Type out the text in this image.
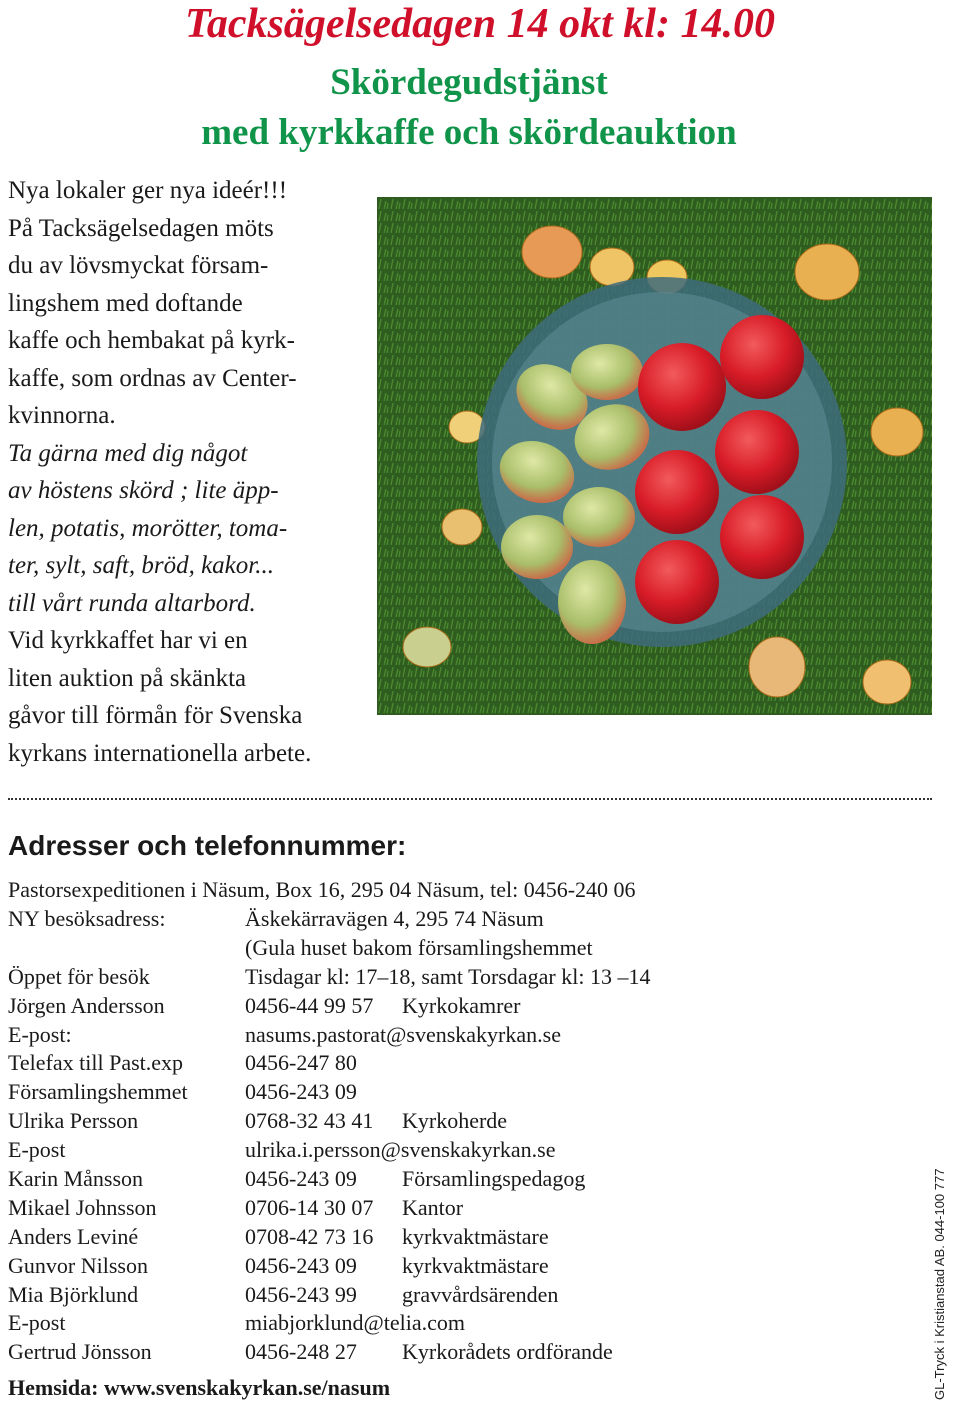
Tacksägelsedagen 14 okt kl: 14.00
Skördegudstjänst
med kyrkkaffe och skördeauktion

Nya lokaler ger nya ideér!!!
På Tacksägelsedagen möts
du av lövsmyckat försam-
lingshem med doftande
kaffe och hembakat på kyrk-
kaffe, som ordnas av Center-
kvinnorna.

Ta gärna med dig något
av höstens skörd ; lite äpp-
len, potatis, morötter, toma-
ter, sylt, saft, bröd, kakor...
till vårt runda altarbord.

Vid kyrkkaffet har vi en
liten auktion på skänkta
gåvor till förmån för Svenska
kyrkans internationella arbete.

Adresser och telefonnummer:
Pastorsexpeditionen i Näsum, Box 16, 295 04 Näsum, tel: 0456-240 06
NY besöksadress:	Äskekärravägen 4, 295 74 Näsum
(Gula huset bakom församlingshemmet
Öppet för besök	Tisdagar kl: 17–18, samt Torsdagar kl: 13 –14
Jörgen Andersson	0456-44 99 57 Kyrkokamrer
E-post:	nasums.pastorat@svenskakyrkan.se
Telefax till Past.exp	0456-247 80
Församlingshemmet	0456-243 09
Ulrika Persson	0768-32 43 41 Kyrkoherde
E-post	ulrika.i.persson@svenskakyrkan.se
Karin Månsson	0456-243 09 Församlingspedagog
Mikael Johnsson	0706-14 30 07 Kantor
Anders Leviné	0708-42 73 16 kyrkvaktmästare
Gunvor Nilsson	0456-243 09 kyrkvaktmästare
Mia Björklund	0456-243 99 gravvårdsärenden
E-post	miabjorklund@telia.com
Gertrud Jönsson	0456-248 27 Kyrkorådets ordförande
Hemsida: www.svenskakyrkan.se/nasum	GL-Tryck i Kristianstad AB. 044-100 777
